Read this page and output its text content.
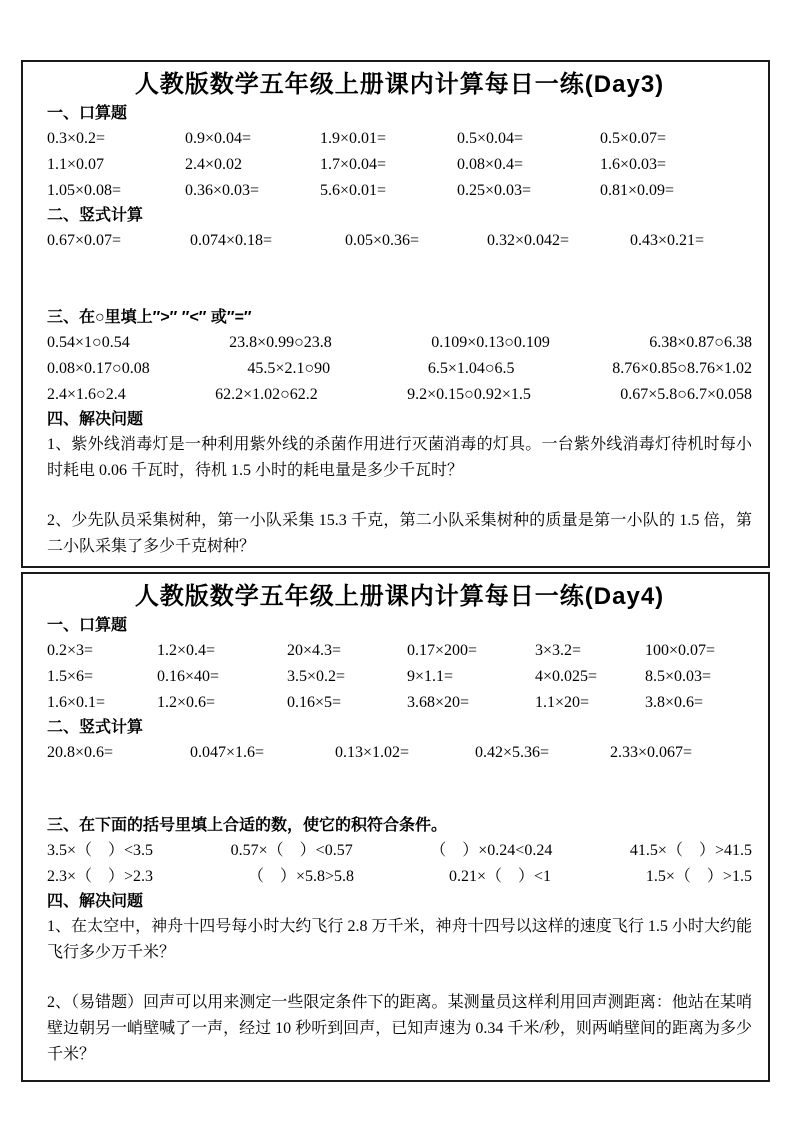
人教版数学五年级上册课内计算每日一练(Day3)
一、口算题
0.3×0.2=	0.9×0.04=	1.9×0.01=	0.5×0.04=	0.5×0.07=
1.1×0.07	2.4×0.02	1.7×0.04=	0.08×0.4=	1.6×0.03=
1.05×0.08=	0.36×0.03=	5.6×0.01=	0.25×0.03=	0.81×0.09=
二、竖式计算
0.67×0.07=	0.074×0.18=	0.05×0.36=	0.32×0.042=	0.43×0.21=
三、在○里填上″>″ ″<″ 或″=″
0.54×1○0.54	23.8×0.99○23.8	0.109×0.13○0.109	6.38×0.87○6.38
0.08×0.17○0.08	45.5×2.1○90	6.5×1.04○6.5	8.76×0.85○8.76×1.02
2.4×1.6○2.4	62.2×1.02○62.2	9.2×0.15○0.92×1.5	0.67×5.8○6.7×0.058
四、解决问题

1、紫外线消毒灯是一种利用紫外线的杀菌作用进行灭菌消毒的灯具。一台紫外线消毒灯待机时每小时耗电 0.06 千瓦时，待机 1.5 小时的耗电量是多少千瓦时？

2、少先队员采集树种，第一小队采集 15.3 千克，第二小队采集树种的质量是第一小队的 1.5 倍，第二小队采集了多少千克树种？

人教版数学五年级上册课内计算每日一练(Day4)
一、口算题
0.2×3=	1.2×0.4=	20×4.3=	0.17×200=	3×3.2=	100×0.07=
1.5×6=	0.16×40=	3.5×0.2=	9×1.1=	4×0.025=	8.5×0.03=
1.6×0.1=	1.2×0.6=	0.16×5=	3.68×20=	1.1×20=	3.8×0.6=
二、竖式计算
20.8×0.6=	0.047×1.6=	0.13×1.02=	0.42×5.36=	2.33×0.067=
三、在下面的括号里填上合适的数，使它的积符合条件。
3.5×（　）<3.5	0.57×（　）<0.57	（　）×0.24<0.24	41.5×（　）>41.5
2.3×（　）>2.3	（　）×5.8>5.8	0.21×（　）<1	1.5×（　）>1.5
四、解决问题

1、在太空中，神舟十四号每小时大约飞行 2.8 万千米，神舟十四号以这样的速度飞行 1.5 小时大约能飞行多少万千米？

2、（易错题）回声可以用来测定一些限定条件下的距离。某测量员这样利用回声测距离：他站在某哨壁边朝另一峭壁喊了一声，经过 10 秒听到回声，已知声速为 0.34 千米/秒，则两峭壁间的距离为多少千米？
